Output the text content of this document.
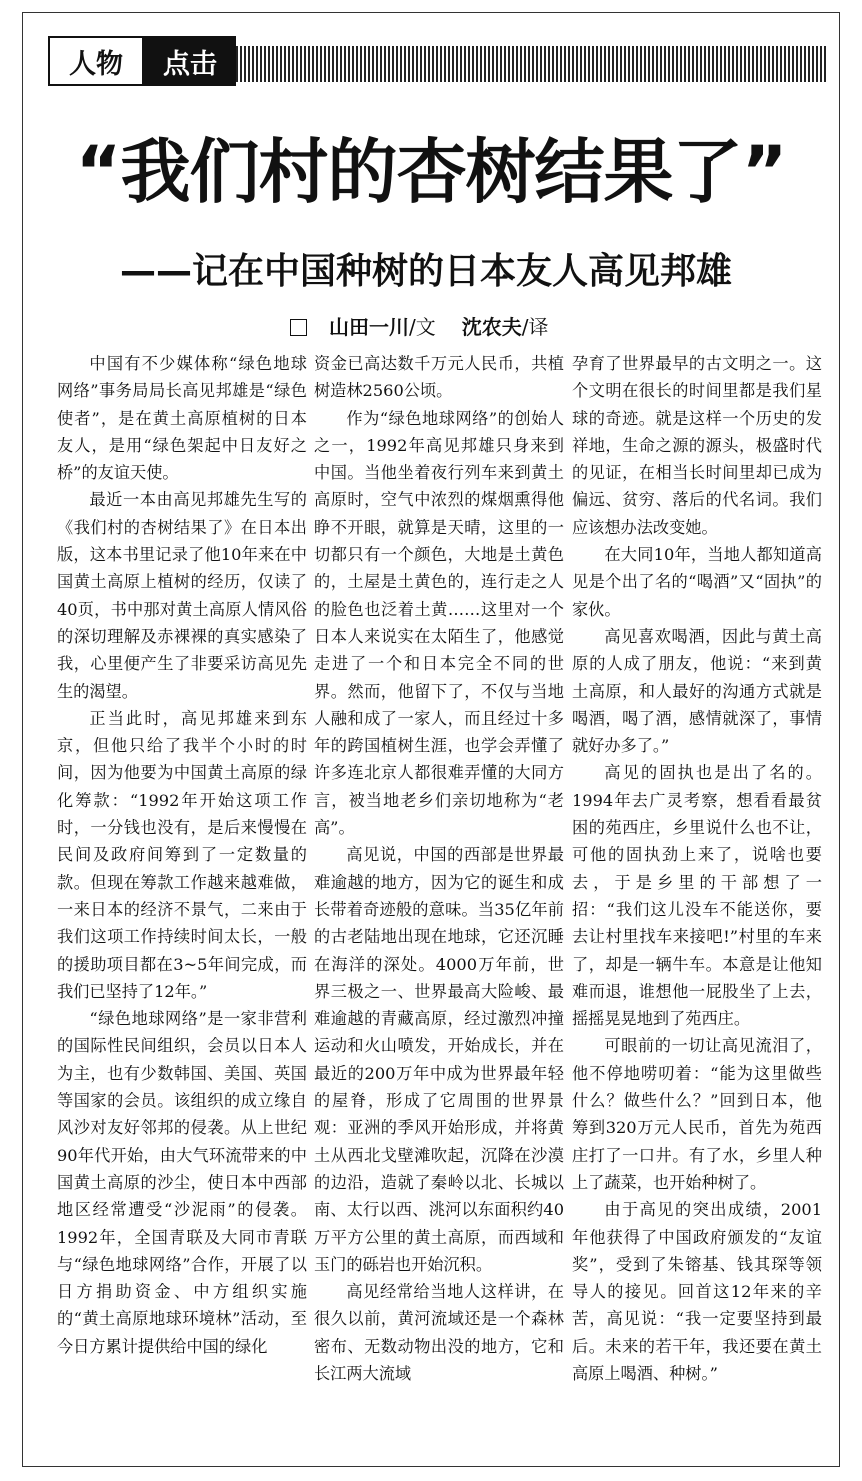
人物	点击
“我们村的杏树结果了”
——记在中国种树的日本友人高见邦雄
山田一川/文 沈农夫/译

中国有不少媒体称“绿色地球网络”事务局局长高见邦雄是“绿色使者”，是在黄土高原植树的日本友人，是用“绿色架起中日友好之桥”的友谊天使。

最近一本由高见邦雄先生写的《我们村的杏树结果了》在日本出版，这本书里记录了他10年来在中国黄土高原上植树的经历，仅读了40页，书中那对黄土高原人情风俗的深切理解及赤裸裸的真实感染了我，心里便产生了非要采访高见先生的渴望。

正当此时，高见邦雄来到东京，但他只给了我半个小时的时间，因为他要为中国黄土高原的绿化筹款：“1992年开始这项工作时，一分钱也没有，是后来慢慢在民间及政府间筹到了一定数量的款。但现在筹款工作越来越难做，一来日本的经济不景气，二来由于我们这项工作持续时间太长，一般的援助项目都在3~5年间完成，而我们已坚持了12年。”

“绿色地球网络”是一家非营利的国际性民间组织，会员以日本人为主，也有少数韩国、美国、英国等国家的会员。该组织的成立缘自风沙对友好邻邦的侵袭。从上世纪90年代开始，由大气环流带来的中国黄土高原的沙尘，使日本中西部地区经常遭受“沙泥雨”的侵袭。1992年，全国青联及大同市青联与“绿色地球网络”合作，开展了以日方捐助资金、中方组织实施的“黄土高原地球环境林”活动，至今日方累计提供给中国的绿化

资金已高达数千万元人民币，共植树造林2560公顷。

作为“绿色地球网络”的创始人之一，1992年高见邦雄只身来到中国。当他坐着夜行列车来到黄土高原时，空气中浓烈的煤烟熏得他睁不开眼，就算是天晴，这里的一切都只有一个颜色，大地是土黄色的，土屋是土黄色的，连行走之人的脸色也泛着土黄……这里对一个日本人来说实在太陌生了，他感觉走进了一个和日本完全不同的世界。然而，他留下了，不仅与当地人融和成了一家人，而且经过十多年的跨国植树生涯，也学会弄懂了许多连北京人都很难弄懂的大同方言，被当地老乡们亲切地称为“老高”。

高见说，中国的西部是世界最难逾越的地方，因为它的诞生和成长带着奇迹般的意味。当35亿年前的古老陆地出现在地球，它还沉睡在海洋的深处。4000万年前，世界三极之一、世界最高大险峻、最难逾越的青藏高原，经过激烈冲撞运动和火山喷发，开始成长，并在最近的200万年中成为世界最年轻的屋脊，形成了它周围的世界景观：亚洲的季风开始形成，并将黄土从西北戈壁滩吹起，沉降在沙漠的边沿，造就了秦岭以北、长城以南、太行以西、洮河以东面积约40万平方公里的黄土高原，而西域和玉门的砾岩也开始沉积。

高见经常给当地人这样讲，在很久以前，黄河流域还是一个森林密布、无数动物出没的地方，它和长江两大流域

孕育了世界最早的古文明之一。这个文明在很长的时间里都是我们星球的奇迹。就是这样一个历史的发祥地，生命之源的源头，极盛时代的见证，在相当长时间里却已成为偏远、贫穷、落后的代名词。我们应该想办法改变她。

在大同10年，当地人都知道高见是个出了名的“喝酒”又“固执”的家伙。

高见喜欢喝酒，因此与黄土高原的人成了朋友，他说：“来到黄土高原，和人最好的沟通方式就是喝酒，喝了酒，感情就深了，事情就好办多了。”

高见的固执也是出了名的。1994年去广灵考察，想看看最贫困的苑西庄，乡里说什么也不让，可他的固执劲上来了，说啥也要去，于是乡里的干部想了一招：“我们这儿没车不能送你，要去让村里找车来接吧!”村里的车来了，却是一辆牛车。本意是让他知难而退，谁想他一屁股坐了上去，摇摇晃晃地到了苑西庄。

可眼前的一切让高见流泪了，他不停地唠叨着：“能为这里做些什么？做些什么？”回到日本，他筹到320万元人民币，首先为苑西庄打了一口井。有了水，乡里人种上了蔬菜，也开始种树了。

由于高见的突出成绩，2001年他获得了中国政府颁发的“友谊奖”，受到了朱镕基、钱其琛等领导人的接见。回首这12年来的辛苦，高见说：“我一定要坚持到最后。未来的若干年，我还要在黄土高原上喝酒、种树。”
